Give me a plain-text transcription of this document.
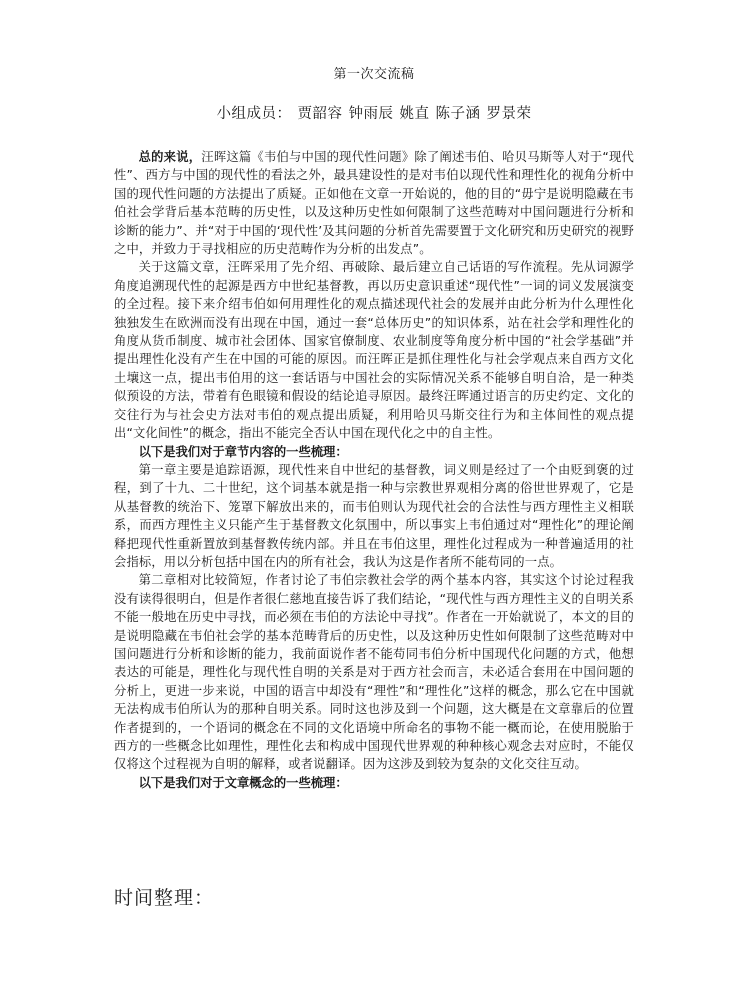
第一次交流稿
小组成员： 贾韶容 钟雨辰 姚直 陈子涵 罗景荣

总的来说，汪晖这篇《韦伯与中国的现代性问题》除了阐述韦伯、哈贝马斯等人对于“现代性”、西方与中国的现代性的看法之外，最具建设性的是对韦伯以现代性和理性化的视角分析中国的现代性问题的方法提出了质疑。正如他在文章一开始说的，他的目的“毋宁是说明隐藏在韦伯社会学背后基本范畴的历史性，以及这种历史性如何限制了这些范畴对中国问题进行分析和诊断的能力”、并“对于中国的‘现代性’及其问题的分析首先需要置于文化研究和历史研究的视野之中，并致力于寻找相应的历史范畴作为分析的出发点”。

关于这篇文章，汪晖采用了先介绍、再破除、最后建立自己话语的写作流程。先从词源学角度追溯现代性的起源是西方中世纪基督教，再以历史意识重述“现代性”一词的词义发展演变的全过程。接下来介绍韦伯如何用理性化的观点描述现代社会的发展并由此分析为什么理性化独独发生在欧洲而没有出现在中国，通过一套“总体历史”的知识体系，站在社会学和理性化的角度从货币制度、城市社会团体、国家官僚制度、农业制度等角度分析中国的“社会学基础”并提出理性化没有产生在中国的可能的原因。而汪晖正是抓住理性化与社会学观点来自西方文化土壤这一点，提出韦伯用的这一套话语与中国社会的实际情况关系不能够自明自洽，是一种类似预设的方法，带着有色眼镜和假设的结论追寻原因。最终汪晖通过语言的历史约定、文化的交往行为与社会史方法对韦伯的观点提出质疑，利用哈贝马斯交往行为和主体间性的观点提出“文化间性”的概念，指出不能完全否认中国在现代化之中的自主性。

以下是我们对于章节内容的一些梳理：

第一章主要是追踪语源，现代性来自中世纪的基督教，词义则是经过了一个由贬到褒的过程，到了十九、二十世纪，这个词基本就是指一种与宗教世界观相分离的俗世世界观了，它是从基督教的统治下、笼罩下解放出来的，而韦伯则认为现代社会的合法性与西方理性主义相联系，而西方理性主义只能产生于基督教文化氛围中，所以事实上韦伯通过对“理性化”的理论阐释把现代性重新置放到基督教传统内部。并且在韦伯这里，理性化过程成为一种普遍适用的社会指标，用以分析包括中国在内的所有社会，我认为这是作者所不能苟同的一点。

第二章相对比较简短，作者讨论了韦伯宗教社会学的两个基本内容，其实这个讨论过程我没有读得很明白，但是作者很仁慈地直接告诉了我们结论，“现代性与西方理性主义的自明关系不能一般地在历史中寻找，而必须在韦伯的方法论中寻找”。作者在一开始就说了，本文的目的是说明隐藏在韦伯社会学的基本范畴背后的历史性，以及这种历史性如何限制了这些范畴对中国问题进行分析和诊断的能力，我前面说作者不能苟同韦伯分析中国现代化问题的方式，他想表达的可能是，理性化与现代性自明的关系是对于西方社会而言，未必适合套用在中国问题的分析上，更进一步来说，中国的语言中却没有“理性”和“理性化”这样的概念，那么它在中国就无法构成韦伯所认为的那种自明关系。同时这也涉及到一个问题，这大概是在文章靠后的位置作者提到的，一个语词的概念在不同的文化语境中所命名的事物不能一概而论，在使用脱胎于西方的一些概念比如理性，理性化去和构成中国现代世界观的种种核心观念去对应时，不能仅仅将这个过程视为自明的解释，或者说翻译。因为这涉及到较为复杂的文化交往互动。

以下是我们对于文章概念的一些梳理：

时间整理：
